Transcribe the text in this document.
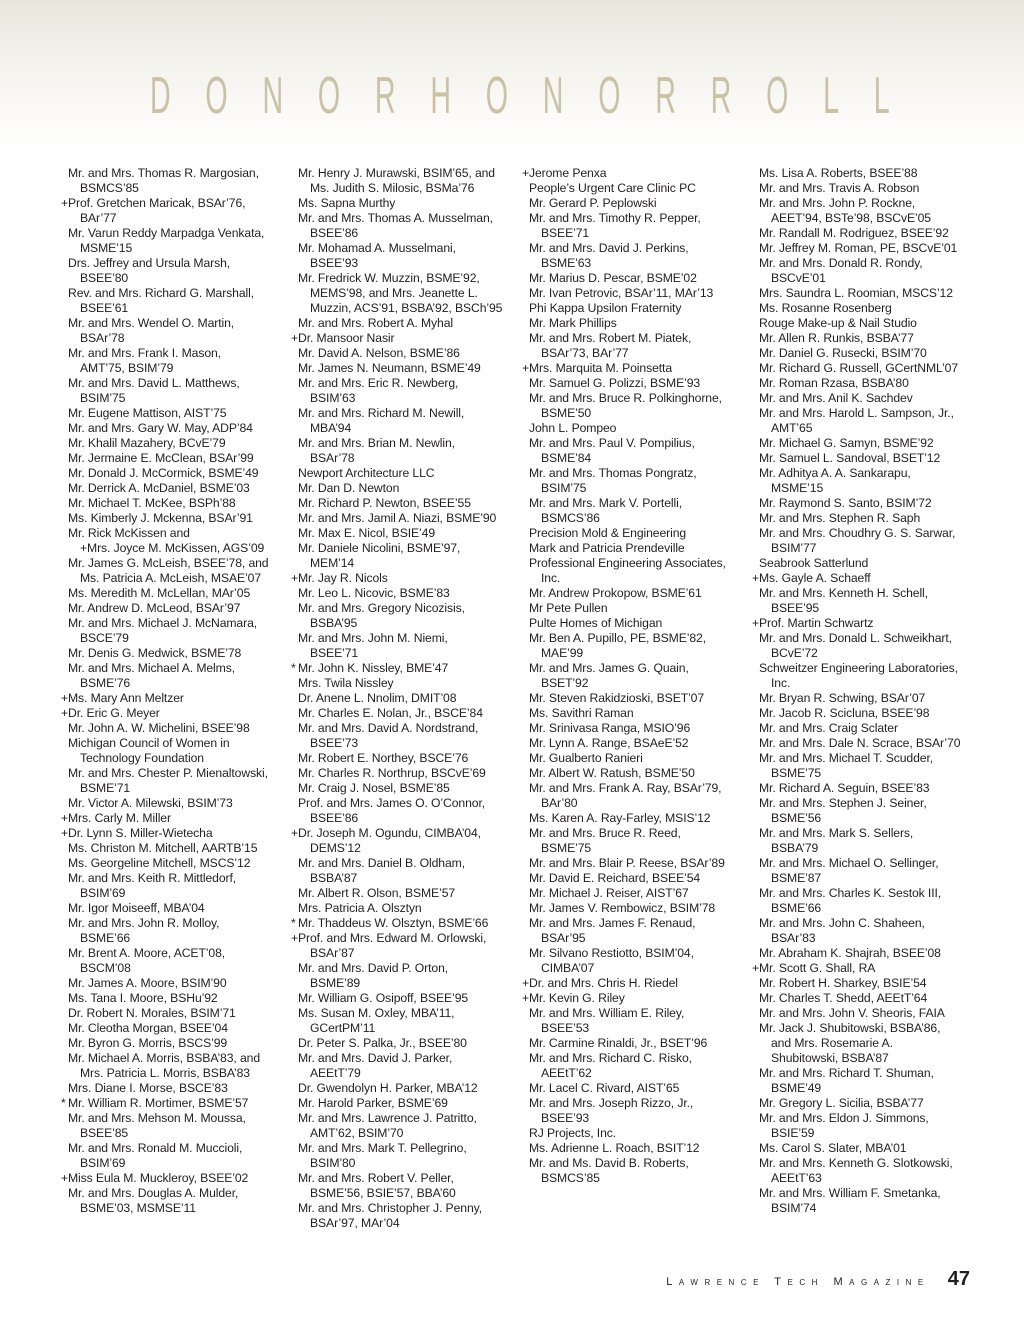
D O N O R H O N O R R O L L

Mr. and Mrs. Thomas R. Margosian,

BSMCS’85

+Prof. Gretchen Maricak, BSAr’76,

BAr’77

Mr. Varun Reddy Marpadga Venkata,

MSME’15

Drs. Jeffrey and Ursula Marsh,

BSEE’80

Rev. and Mrs. Richard G. Marshall,

BSEE’61

Mr. and Mrs. Wendel O. Martin,

BSAr’78

Mr. and Mrs. Frank I. Mason,

AMT’75, BSIM’79

Mr. and Mrs. David L. Matthews,

BSIM’75

Mr. Eugene Mattison, AIST’75

Mr. and Mrs. Gary W. May, ADP’84

Mr. Khalil Mazahery, BCvE’79

Mr. Jermaine E. McClean, BSAr’99

Mr. Donald J. McCormick, BSME’49

Mr. Derrick A. McDaniel, BSME’03

Mr. Michael T. McKee, BSPh’88

Ms. Kimberly J. Mckenna, BSAr’91

Mr. Rick McKissen and

+Mrs. Joyce M. McKissen, AGS’09

Mr. James G. McLeish, BSEE’78, and

Ms. Patricia A. McLeish, MSAE’07

Ms. Meredith M. McLellan, MAr’05

Mr. Andrew D. McLeod, BSAr’97

Mr. and Mrs. Michael J. McNamara,

BSCE’79

Mr. Denis G. Medwick, BSME’78

Mr. and Mrs. Michael A. Melms,

BSME’76

+Ms. Mary Ann Meltzer

+Dr. Eric G. Meyer

Mr. John A. W. Michelini, BSEE’98

Michigan Council of Women in

Technology Foundation

Mr. and Mrs. Chester P. Mienaltowski,

BSME’71

Mr. Victor A. Milewski, BSIM’73

+Mrs. Carly M. Miller

+Dr. Lynn S. Miller-Wietecha

Ms. Christon M. Mitchell, AARTB’15

Ms. Georgeline Mitchell, MSCS’12

Mr. and Mrs. Keith R. Mittledorf,

BSIM’69

Mr. Igor Moiseeff, MBA’04

Mr. and Mrs. John R. Molloy,

BSME’66

Mr. Brent A. Moore, ACET’08,

BSCM’08

Mr. James A. Moore, BSIM’90

Ms. Tana I. Moore, BSHu’92

Dr. Robert N. Morales, BSIM’71

Mr. Cleotha Morgan, BSEE’04

Mr. Byron G. Morris, BSCS’99

Mr. Michael A. Morris, BSBA’83, and

Mrs. Patricia L. Morris, BSBA’83

Mrs. Diane I. Morse, BSCE’83

* Mr. William R. Mortimer, BSME’57

Mr. and Mrs. Mehson M. Moussa,

BSEE’85

Mr. and Mrs. Ronald M. Muccioli,

BSIM’69

+Miss Eula M. Muckleroy, BSEE’02

Mr. and Mrs. Douglas A. Mulder,

BSME’03, MSMSE’11

Mr. Henry J. Murawski, BSIM’65, and

Ms. Judith S. Milosic, BSMa’76

Ms. Sapna Murthy

Mr. and Mrs. Thomas A. Musselman,

BSEE’86

Mr. Mohamad A. Musselmani,

BSEE’93

Mr. Fredrick W. Muzzin, BSME’92,

MEMS’98, and Mrs. Jeanette L.

Muzzin, ACS’91, BSBA’92, BSCh’95

Mr. and Mrs. Robert A. Myhal

+Dr. Mansoor Nasir

Mr. David A. Nelson, BSME’86

Mr. James N. Neumann, BSME’49

Mr. and Mrs. Eric R. Newberg,

BSIM’63

Mr. and Mrs. Richard M. Newill,

MBA’94

Mr. and Mrs. Brian M. Newlin,

BSAr’78

Newport Architecture LLC

Mr. Dan D. Newton

Mr. Richard P. Newton, BSEE’55

Mr. and Mrs. Jamil A. Niazi, BSME’90

Mr. Max E. Nicol, BSIE’49

Mr. Daniele Nicolini, BSME’97,

MEM’14

+Mr. Jay R. Nicols

Mr. Leo L. Nicovic, BSME’83

Mr. and Mrs. Gregory Nicozisis,

BSBA’95

Mr. and Mrs. John M. Niemi,

BSEE’71

* Mr. John K. Nissley, BME’47

Mrs. Twila Nissley

Dr. Anene L. Nnolim, DMIT’08

Mr. Charles E. Nolan, Jr., BSCE’84

Mr. and Mrs. David A. Nordstrand,

BSEE’73

Mr. Robert E. Northey, BSCE’76

Mr. Charles R. Northrup, BSCvE’69

Mr. Craig J. Nosel, BSME’85

Prof. and Mrs. James O. O’Connor,

BSEE’86

+Dr. Joseph M. Ogundu, CIMBA’04,

DEMS’12

Mr. and Mrs. Daniel B. Oldham,

BSBA’87

Mr. Albert R. Olson, BSME’57

Mrs. Patricia A. Olsztyn

* Mr. Thaddeus W. Olsztyn, BSME’66

+Prof. and Mrs. Edward M. Orlowski,

BSAr’87

Mr. and Mrs. David P. Orton,

BSME’89

Mr. William G. Osipoff, BSEE’95

Ms. Susan M. Oxley, MBA’11,

GCertPM’11

Dr. Peter S. Palka, Jr., BSEE’80

Mr. and Mrs. David J. Parker,

AEEtT’79

Dr. Gwendolyn H. Parker, MBA’12

Mr. Harold Parker, BSME’69

Mr. and Mrs. Lawrence J. Patritto,

AMT’62, BSIM’70

Mr. and Mrs. Mark T. Pellegrino,

BSIM’80

Mr. and Mrs. Robert V. Peller,

BSME’56, BSIE’57, BBA’60

Mr. and Mrs. Christopher J. Penny,

BSAr’97, MAr’04

+Jerome Penxa

People’s Urgent Care Clinic PC

Mr. Gerard P. Peplowski

Mr. and Mrs. Timothy R. Pepper,

BSEE’71

Mr. and Mrs. David J. Perkins,

BSME’63

Mr. Marius D. Pescar, BSME’02

Mr. Ivan Petrovic, BSAr’11, MAr’13

Phi Kappa Upsilon Fraternity

Mr. Mark Phillips

Mr. and Mrs. Robert M. Piatek,

BSAr’73, BAr’77

+Mrs. Marquita M. Poinsetta

Mr. Samuel G. Polizzi, BSME’93

Mr. and Mrs. Bruce R. Polkinghorne,

BSME’50

John L. Pompeo

Mr. and Mrs. Paul V. Pompilius,

BSME’84

Mr. and Mrs. Thomas Pongratz,

BSIM’75

Mr. and Mrs. Mark V. Portelli,

BSMCS’86

Precision Mold & Engineering

Mark and Patricia Prendeville

Professional Engineering Associates,

Inc.

Mr. Andrew Prokopow, BSME’61

Mr Pete Pullen

Pulte Homes of Michigan

Mr. Ben A. Pupillo, PE, BSME’82,

MAE’99

Mr. and Mrs. James G. Quain,

BSET’92

Mr. Steven Rakidzioski, BSET’07

Ms. Savithri Raman

Mr. Srinivasa Ranga, MSIO’96

Mr. Lynn A. Range, BSAeE’52

Mr. Gualberto Ranieri

Mr. Albert W. Ratush, BSME’50

Mr. and Mrs. Frank A. Ray, BSAr’79,

BAr’80

Ms. Karen A. Ray-Farley, MSIS’12

Mr. and Mrs. Bruce R. Reed,

BSME’75

Mr. and Mrs. Blair P. Reese, BSAr’89

Mr. David E. Reichard, BSEE’54

Mr. Michael J. Reiser, AIST’67

Mr. James V. Rembowicz, BSIM’78

Mr. and Mrs. James F. Renaud,

BSAr’95

Mr. Silvano Restiotto, BSIM’04,

CIMBA’07

+Dr. and Mrs. Chris H. Riedel

+Mr. Kevin G. Riley

Mr. and Mrs. William E. Riley,

BSEE’53

Mr. Carmine Rinaldi, Jr., BSET’96

Mr. and Mrs. Richard C. Risko,

AEEtT’62

Mr. Lacel C. Rivard, AIST’65

Mr. and Mrs. Joseph Rizzo, Jr.,

BSEE’93

RJ Projects, Inc.

Ms. Adrienne L. Roach, BSIT’12

Mr. and Ms. David B. Roberts,

BSMCS’85

Ms. Lisa A. Roberts, BSEE’88

Mr. and Mrs. Travis A. Robson

Mr. and Mrs. John P. Rockne,

AEET’94, BSTe’98, BSCvE’05

Mr. Randall M. Rodriguez, BSEE’92

Mr. Jeffrey M. Roman, PE, BSCvE’01

Mr. and Mrs. Donald R. Rondy,

BSCvE’01

Mrs. Saundra L. Roomian, MSCS’12

Ms. Rosanne Rosenberg

Rouge Make-up & Nail Studio

Mr. Allen R. Runkis, BSBA’77

Mr. Daniel G. Rusecki, BSIM’70

Mr. Richard G. Russell, GCertNML’07

Mr. Roman Rzasa, BSBA’80

Mr. and Mrs. Anil K. Sachdev

Mr. and Mrs. Harold L. Sampson, Jr.,

AMT’65

Mr. Michael G. Samyn, BSME’92

Mr. Samuel L. Sandoval, BSET’12

Mr. Adhitya A. A. Sankarapu,

MSME’15

Mr. Raymond S. Santo, BSIM’72

Mr. and Mrs. Stephen R. Saph

Mr. and Mrs. Choudhry G. S. Sarwar,

BSIM’77

Seabrook Satterlund

+Ms. Gayle A. Schaeff

Mr. and Mrs. Kenneth H. Schell,

BSEE’95

+Prof. Martin Schwartz

Mr. and Mrs. Donald L. Schweikhart,

BCvE’72

Schweitzer Engineering Laboratories,

Inc.

Mr. Bryan R. Schwing, BSAr’07

Mr. Jacob R. Scicluna, BSEE’98

Mr. and Mrs. Craig Sclater

Mr. and Mrs. Dale N. Scrace, BSAr’70

Mr. and Mrs. Michael T. Scudder,

BSME’75

Mr. Richard A. Seguin, BSEE’83

Mr. and Mrs. Stephen J. Seiner,

BSME’56

Mr. and Mrs. Mark S. Sellers,

BSBA’79

Mr. and Mrs. Michael O. Sellinger,

BSME’87

Mr. and Mrs. Charles K. Sestok III,

BSME’66

Mr. and Mrs. John C. Shaheen,

BSAr’83

Mr. Abraham K. Shajrah, BSEE’08

+Mr. Scott G. Shall, RA

Mr. Robert H. Sharkey, BSIE’54

Mr. Charles T. Shedd, AEEtT’64

Mr. and Mrs. John V. Sheoris, FAIA

Mr. Jack J. Shubitowski, BSBA’86,

and Mrs. Rosemarie A.

Shubitowski, BSBA’87

Mr. and Mrs. Richard T. Shuman,

BSME’49

Mr. Gregory L. Sicilia, BSBA’77

Mr. and Mrs. Eldon J. Simmons,

BSIE’59

Ms. Carol S. Slater, MBA’01

Mr. and Mrs. Kenneth G. Slotkowski,

AEEtT’63

Mr. and Mrs. William F. Smetanka,

BSIM’74

Lawrence Tech Magazine 47
